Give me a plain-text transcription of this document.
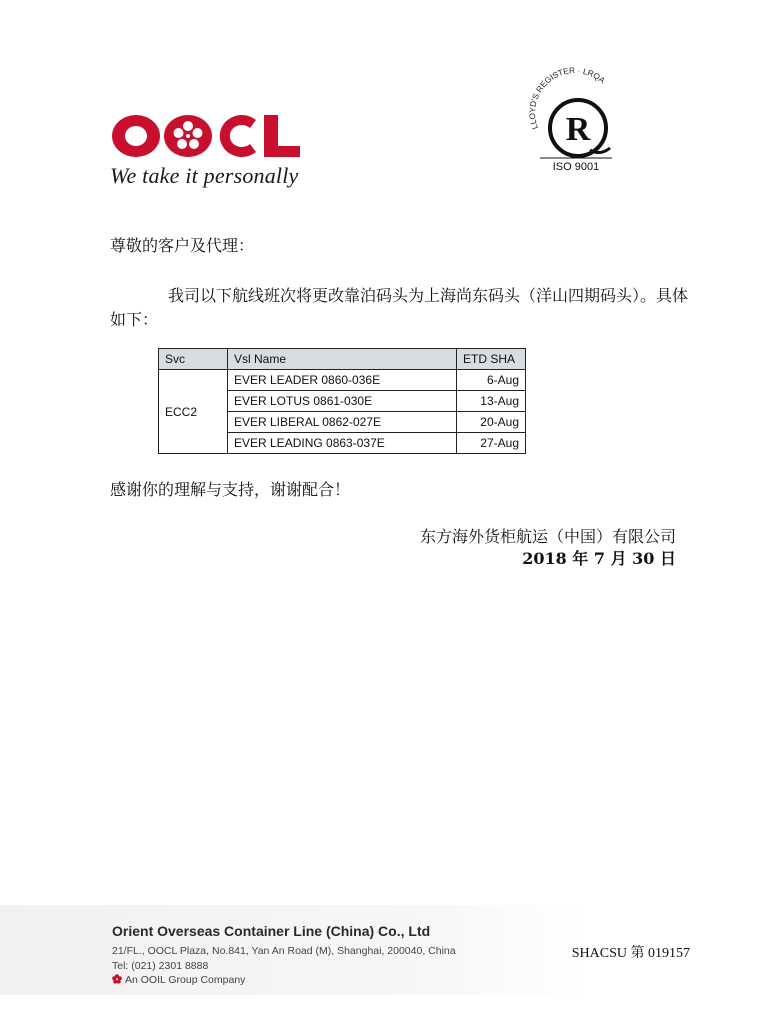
We take it personally
LLOYD'S REGISTER · LRQA
R
ISO 9001
尊敬的客户及代理：
我司以下航线班次将更改靠泊码头为上海尚东码头（洋山四期码头）。具体如下：
Svc	Vsl Name	ETD SHA
ECC2	EVER LEADER 0860-036E	6-Aug
	EVER LOTUS 0861-030E	13-Aug
	EVER LIBERAL 0862-027E	20-Aug
	EVER LEADING 0863-037E	27-Aug
感谢你的理解与支持，谢谢配合！
东方海外货柜航运（中国）有限公司
2018 年 7 月 30 日
Orient Overseas Container Line (China) Co., Ltd
21/FL., OOCL Plaza, No.841, Yan An Road (M), Shanghai, 200040, China
Tel: (021) 2301 8888
An OOIL Group Company
SHACSU 第 019157
